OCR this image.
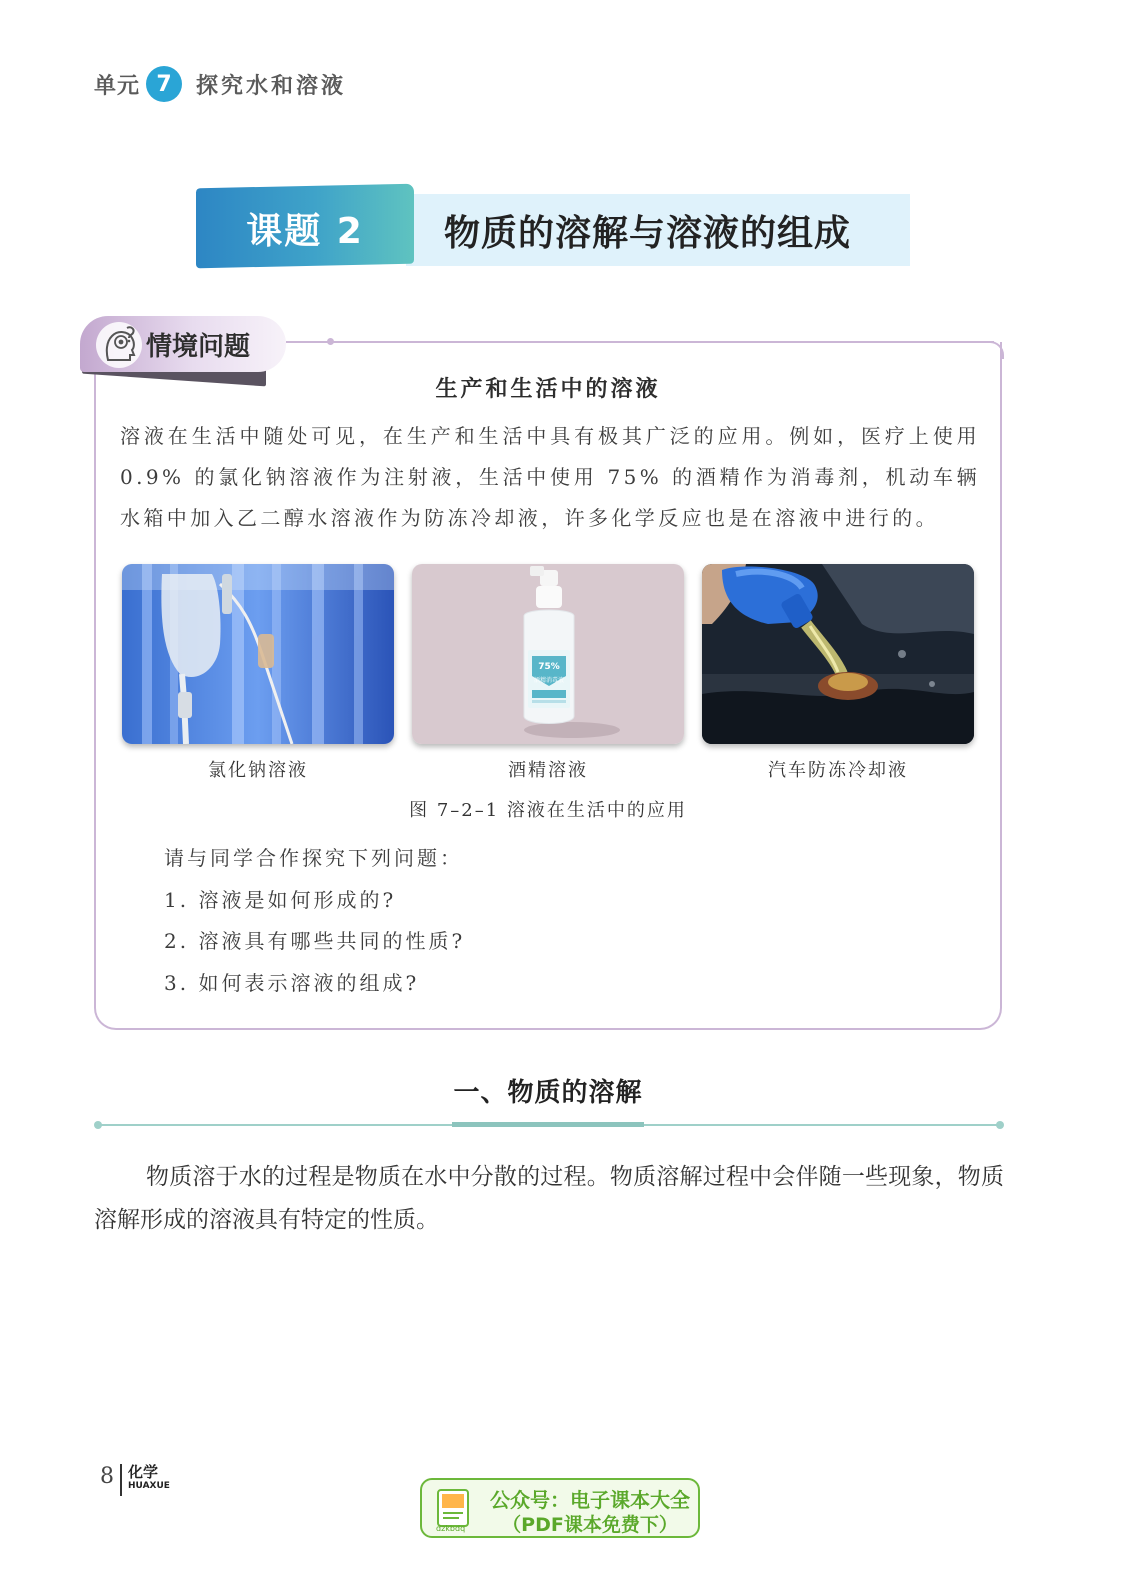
单元 7	探究水和溶液
课题 2	物质的溶解与溶液的组成
情境问题
生产和生活中的溶液
溶液在生活中随处可见，在生产和生活中具有极其广泛的应用。例如，医疗上使用 0.9% 的氯化钠溶液作为注射液，生活中使用 75% 的酒精作为消毒剂，机动车辆水箱中加入乙二醇水溶液作为防冻冷却液，许多化学反应也是在溶液中进行的。
75%
酒精消毒液
氯化钠溶液	酒精溶液	汽车防冻冷却液
图 7–2–1 溶液在生活中的应用
请与同学合作探究下列问题：
1. 溶液是如何形成的?
2. 溶液具有哪些共同的性质?
3. 如何表示溶液的组成?
一、物质的溶解
物质溶于水的过程是物质在水中分散的过程。物质溶解过程中会伴随一些现象，物质溶解形成的溶液具有特定的性质。
8 化学
HUAXUE
dzkbdq
公众号：电子课本大全
（PDF课本免费下）
